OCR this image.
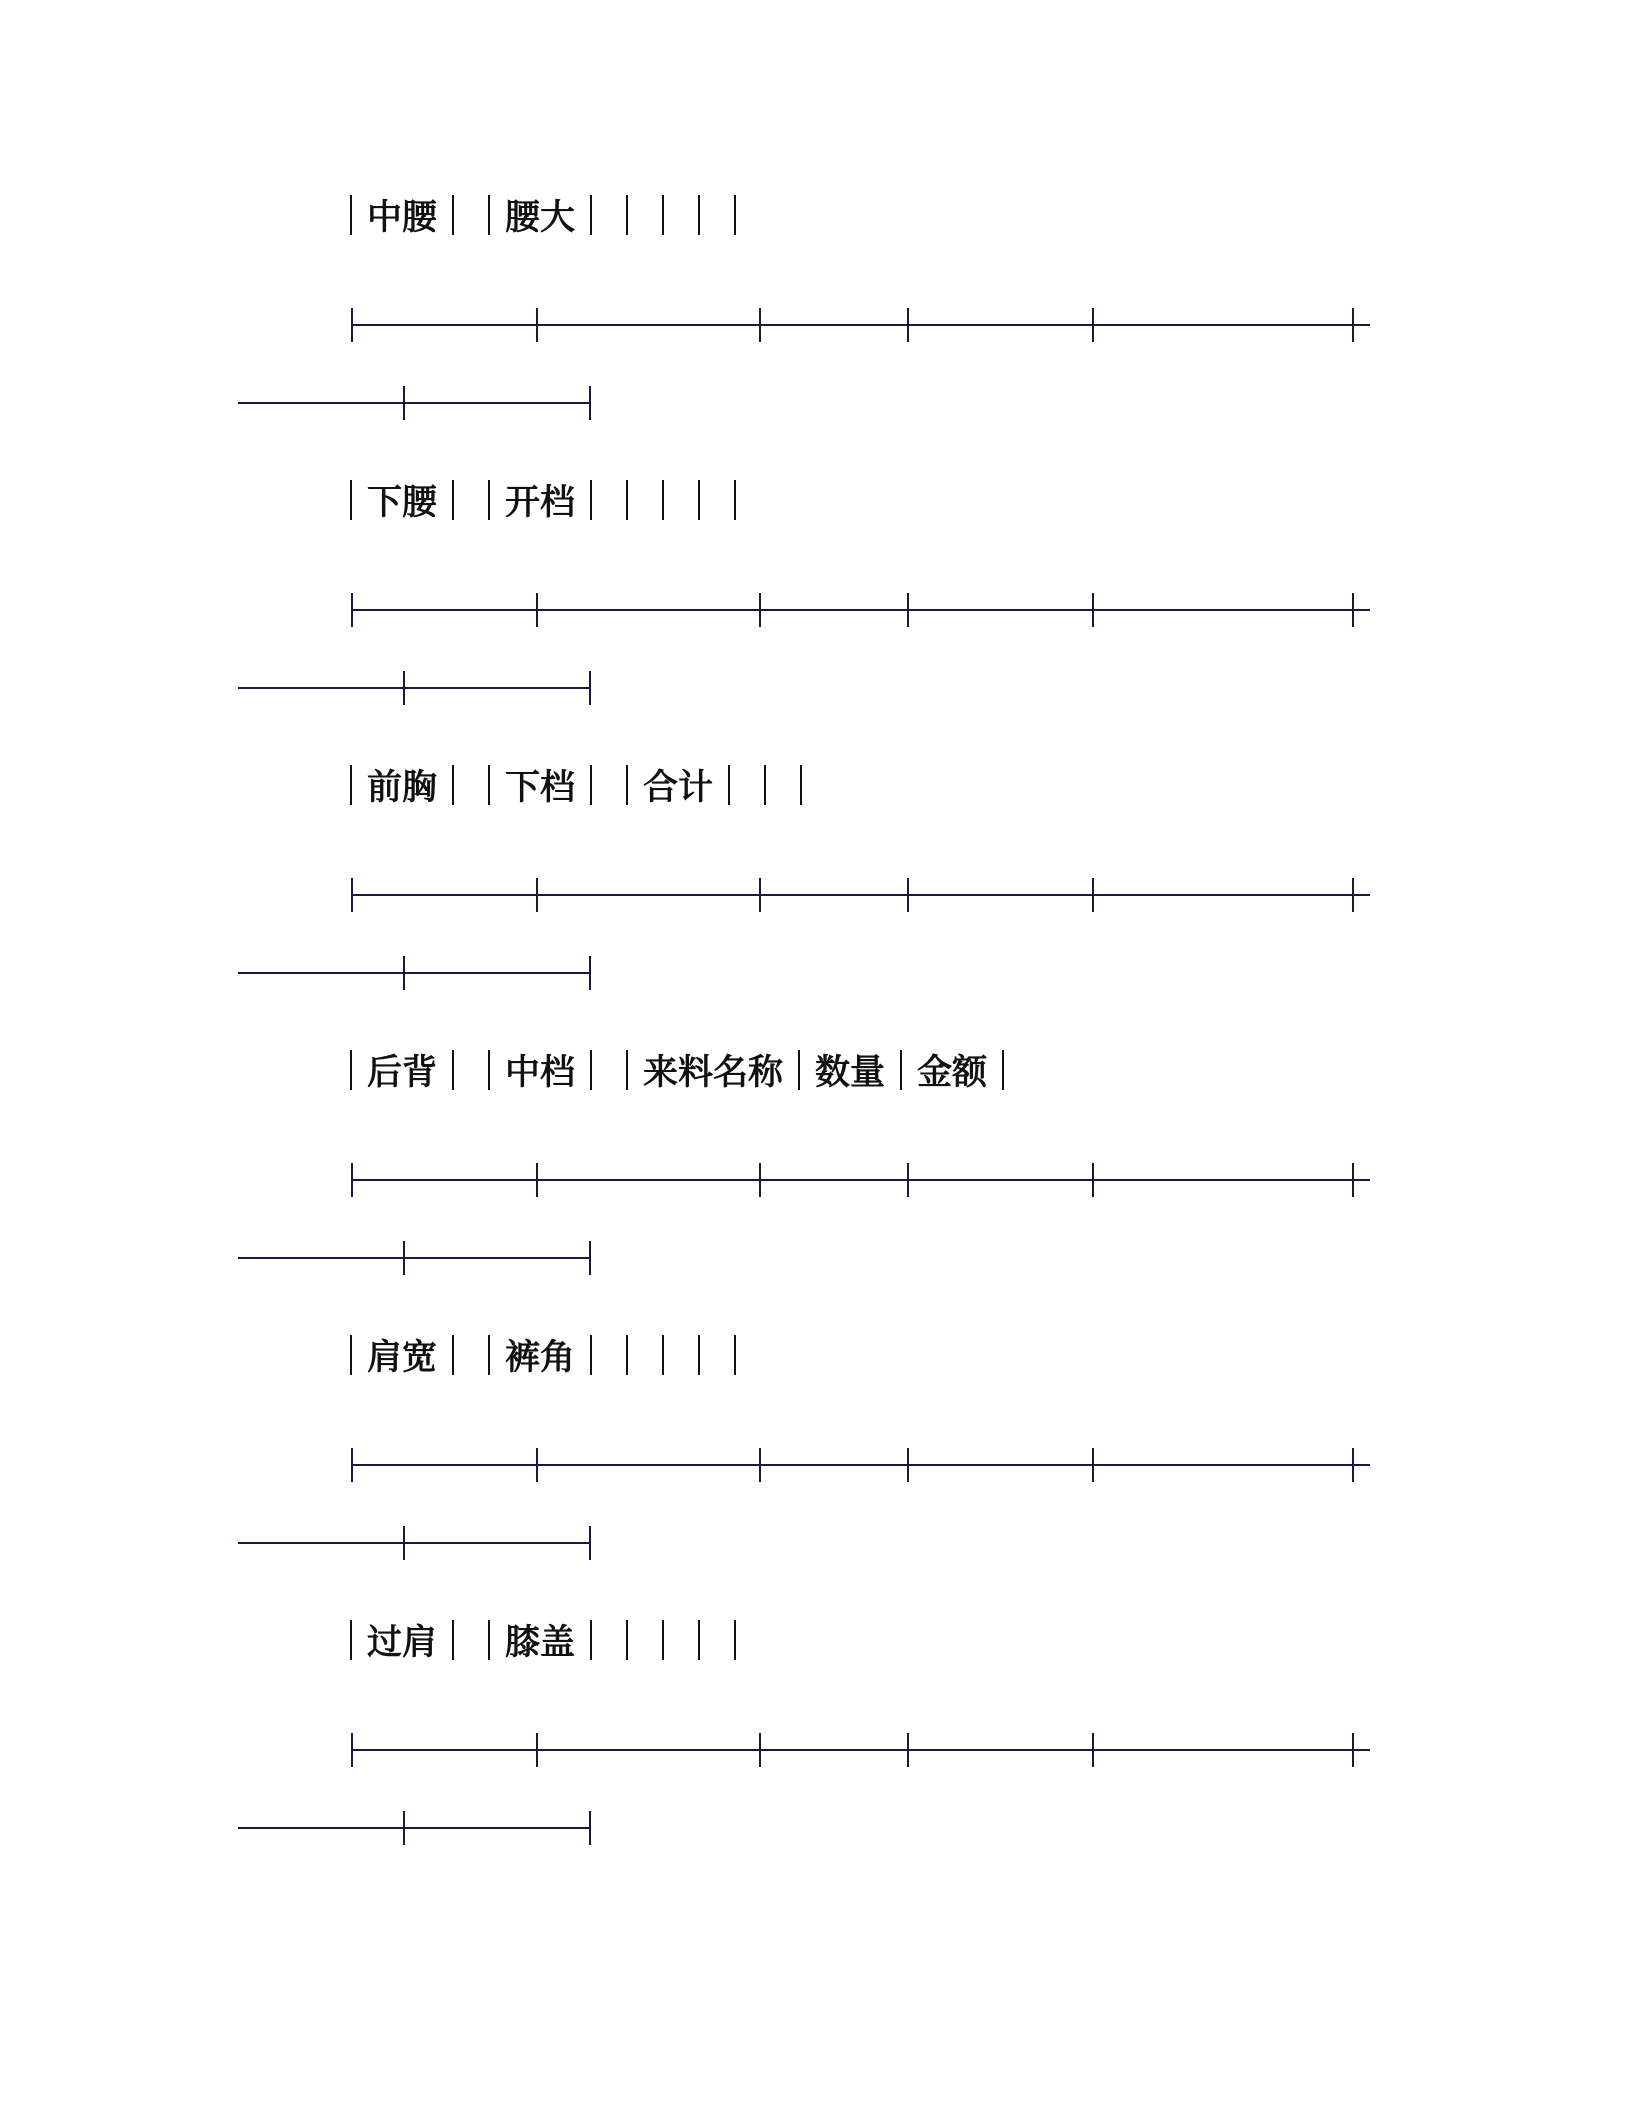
中腰	腰大
下腰	开档
前胸	下档	合计
后背	中档	来料名称 数量 金额
肩宽	裤角
过肩	膝盖
